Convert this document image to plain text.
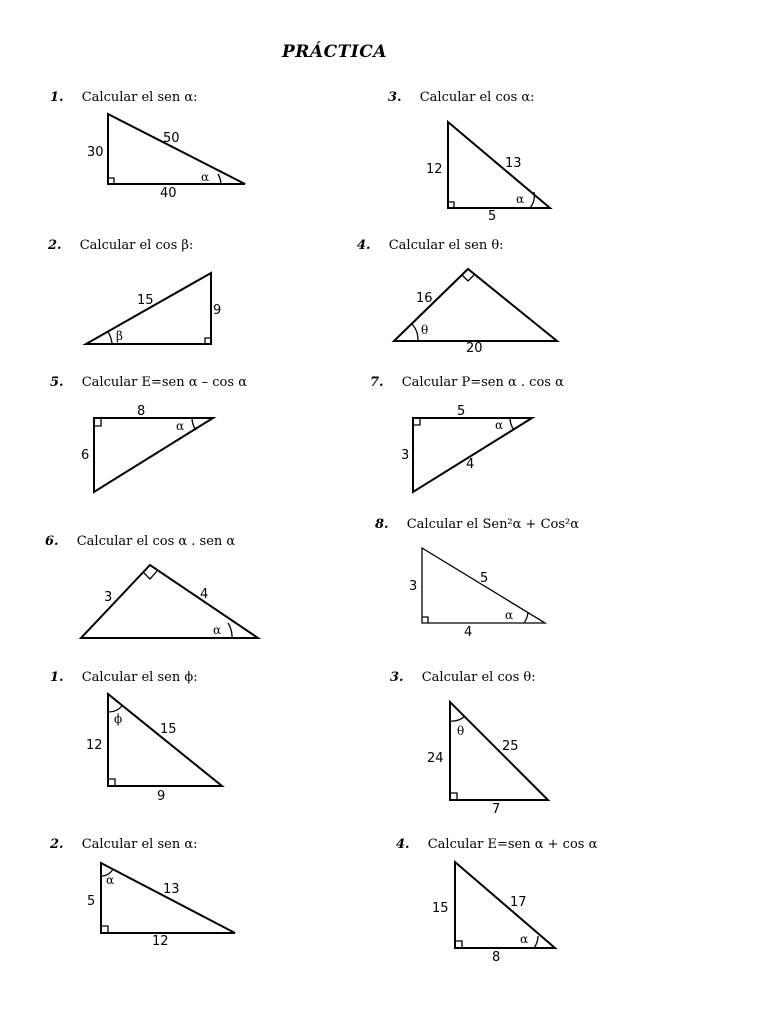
PRÁCTICA
1. Calcular el sen α:	3. Calcular el cos α:
2. Calcular el cos β:	4. Calcular el sen θ:
5. Calcular E=sen α – cos α	7. Calcular P=sen α . cos α
6. Calcular el cos α . sen α
8. Calcular el Sen²α + Cos²α
1. Calcular el sen ϕ:	3. Calcular el cos θ:
2. Calcular el sen α:	4. Calcular E=sen α + cos α
30
50
40
α	12	13
5
α
15
9
β
16
20
θ
8
6
α
5
3
4
α
3	4
α
3
5
4
α
ϕ
12
15
9
θ
24
25
7
5
α
13
12
15	17
α
8
